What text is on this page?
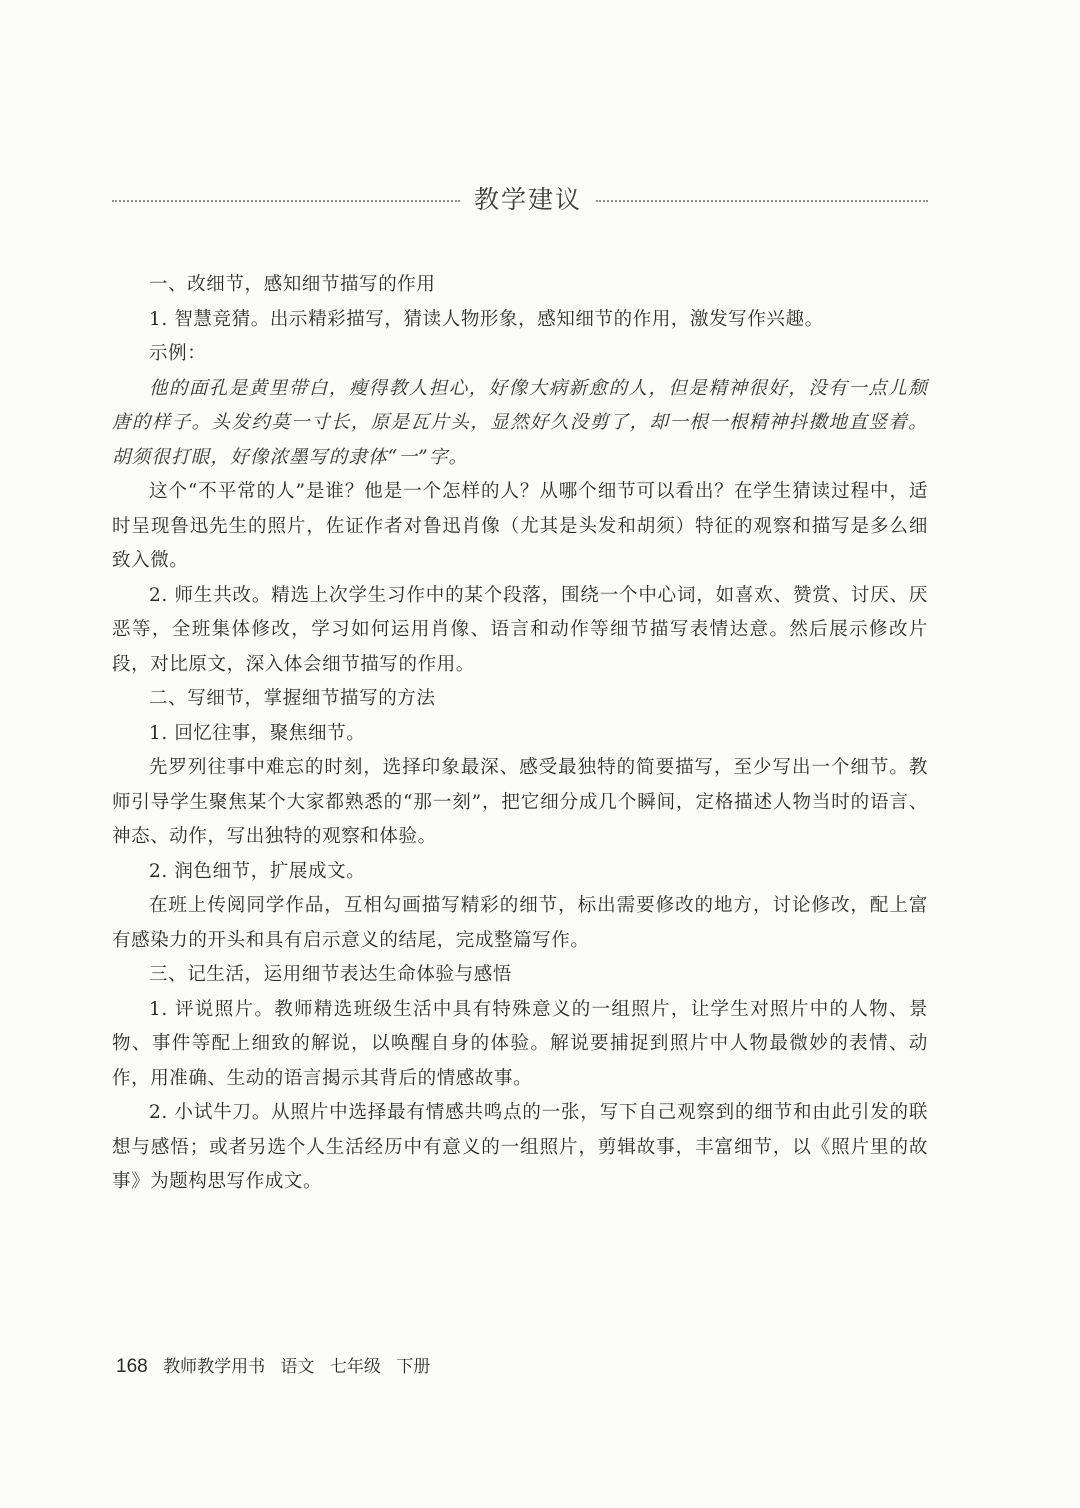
教学建议

一、改细节，感知细节描写的作用

1. 智慧竞猜。出示精彩描写，猜读人物形象，感知细节的作用，激发写作兴趣。

示例：

他的面孔是黄里带白，瘦得教人担心，好像大病新愈的人，但是精神很好，没有一点儿颓唐的样子。头发约莫一寸长，原是瓦片头，显然好久没剪了，却一根一根精神抖擞地直竖着。胡须很打眼，好像浓墨写的隶体“一”字。

这个“不平常的人”是谁？他是一个怎样的人？从哪个细节可以看出？在学生猜读过程中，适时呈现鲁迅先生的照片，佐证作者对鲁迅肖像（尤其是头发和胡须）特征的观察和描写是多么细致入微。

2. 师生共改。精选上次学生习作中的某个段落，围绕一个中心词，如喜欢、赞赏、讨厌、厌恶等，全班集体修改，学习如何运用肖像、语言和动作等细节描写表情达意。然后展示修改片段，对比原文，深入体会细节描写的作用。

二、写细节，掌握细节描写的方法

1. 回忆往事，聚焦细节。

先罗列往事中难忘的时刻，选择印象最深、感受最独特的简要描写，至少写出一个细节。教师引导学生聚焦某个大家都熟悉的“那一刻”，把它细分成几个瞬间，定格描述人物当时的语言、神态、动作，写出独特的观察和体验。

2. 润色细节，扩展成文。

在班上传阅同学作品，互相勾画描写精彩的细节，标出需要修改的地方，讨论修改，配上富有感染力的开头和具有启示意义的结尾，完成整篇写作。

三、记生活，运用细节表达生命体验与感悟

1. 评说照片。教师精选班级生活中具有特殊意义的一组照片，让学生对照片中的人物、景物、事件等配上细致的解说，以唤醒自身的体验。解说要捕捉到照片中人物最微妙的表情、动作，用准确、生动的语言揭示其背后的情感故事。

2. 小试牛刀。从照片中选择最有情感共鸣点的一张，写下自己观察到的细节和由此引发的联想与感悟；或者另选个人生活经历中有意义的一组照片，剪辑故事，丰富细节，以《照片里的故事》为题构思写作成文。

168 教师教学用书 语文 七年级 下册
